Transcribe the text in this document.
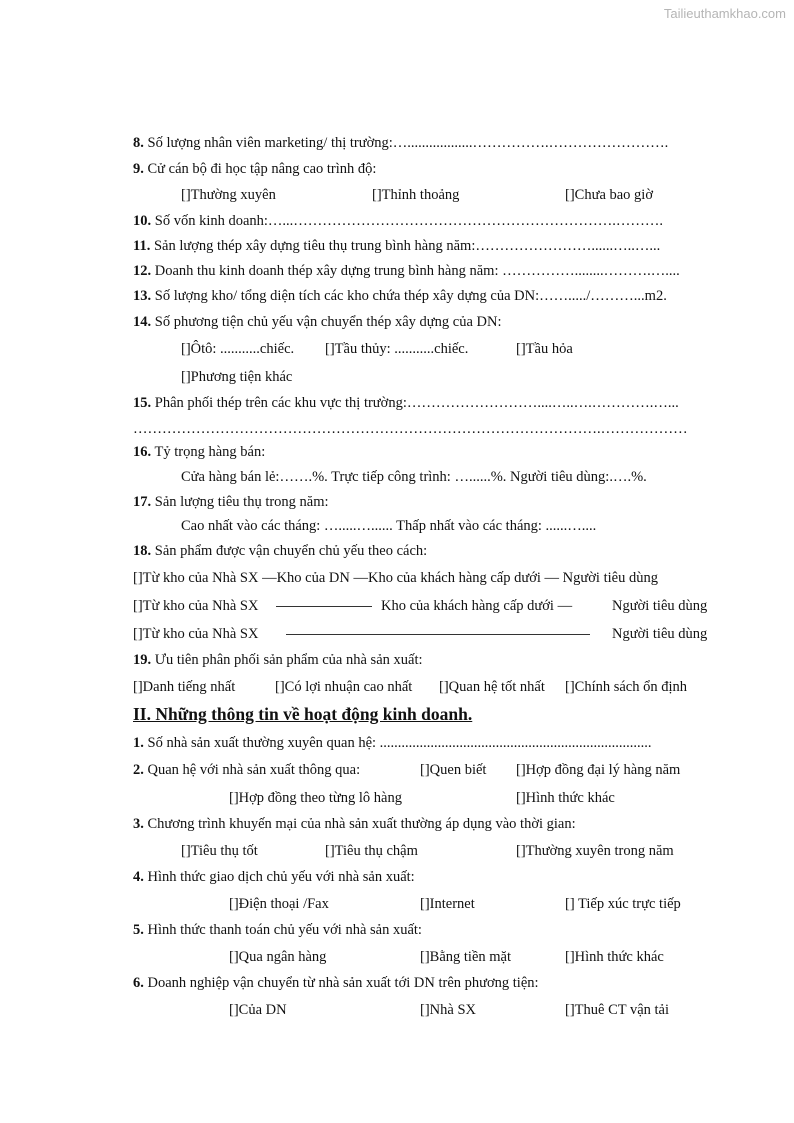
Tailieuthamkhao.com
8. Số lượng nhân viên marketing/ thị trường:…..................…………….…………………….
9. Cử cán bộ đi học tập nâng cao trình độ:
[]Thường xuyên	[]Thỉnh thoảng	[]Chưa bao giờ
10. Số vốn kinh doanh:…...………………………………………………………….……….
11. Sản lượng thép xây dựng tiêu thụ trung bình hàng năm:……………………......…..…...
12. Doanh thu kinh doanh thép xây dựng trung bình hàng năm: ……………........……….…....
13. Số lượng kho/ tổng diện tích các kho chứa thép xây dựng của DN:……...../………...m2.
14. Số phương tiện chủ yếu vận chuyển thép xây dựng của DN:
[]Ôtô: ...........chiếc. []Tầu thủy: ...........chiếc.	[]Tầu hỏa
[]Phương tiện khác
15. Phân phối thép trên các khu vực thị trường:………………………....…..….………….…...
…………………………………………………………………………………….………………
16. Tỷ trọng hàng bán:
Cửa hàng bán lẻ:…….%. Trực tiếp công trình: …......%. Người tiêu dùng:.….%.
17. Sản lượng tiêu thụ trong năm:
Cao nhất vào các tháng: ….....…...... Thấp nhất vào các tháng: ......…....
18. Sản phẩm được vận chuyển chủ yếu theo cách:
[]Từ kho của Nhà SX —Kho của DN —Kho của khách hàng cấp dưới — Người tiêu dùng
[]Từ kho của Nhà SX	Kho của khách hàng cấp dưới —	Người tiêu dùng
[]Từ kho của Nhà SX	Người tiêu dùng
19. Ưu tiên phân phối sản phẩm của nhà sản xuất:
[]Danh tiếng nhất	[]Có lợi nhuận cao nhất []Quan hệ tốt nhất []Chính sách ổn định
II. Những thông tin về hoạt động kinh doanh.
1. Số nhà sản xuất thường xuyên quan hệ: ...........................................................................
2. Quan hệ với nhà sản xuất thông qua:	[]Quen biết []Hợp đồng đại lý hàng năm
[]Hợp đồng theo từng lô hàng	[]Hình thức khác
3. Chương trình khuyến mại của nhà sản xuất thường áp dụng vào thời gian:
[]Tiêu thụ tốt	[]Tiêu thụ chậm	[]Thường xuyên trong năm
4. Hình thức giao dịch chủ yếu với nhà sản xuất:
[]Điện thoại /Fax	[]Internet	[] Tiếp xúc trực tiếp
5. Hình thức thanh toán chủ yếu với nhà sản xuất:
[]Qua ngân hàng	[]Bằng tiền mặt	[]Hình thức khác
6. Doanh nghiệp vận chuyển từ nhà sản xuất tới DN trên phương tiện:
[]Của DN	[]Nhà SX	[]Thuê CT vận tải
